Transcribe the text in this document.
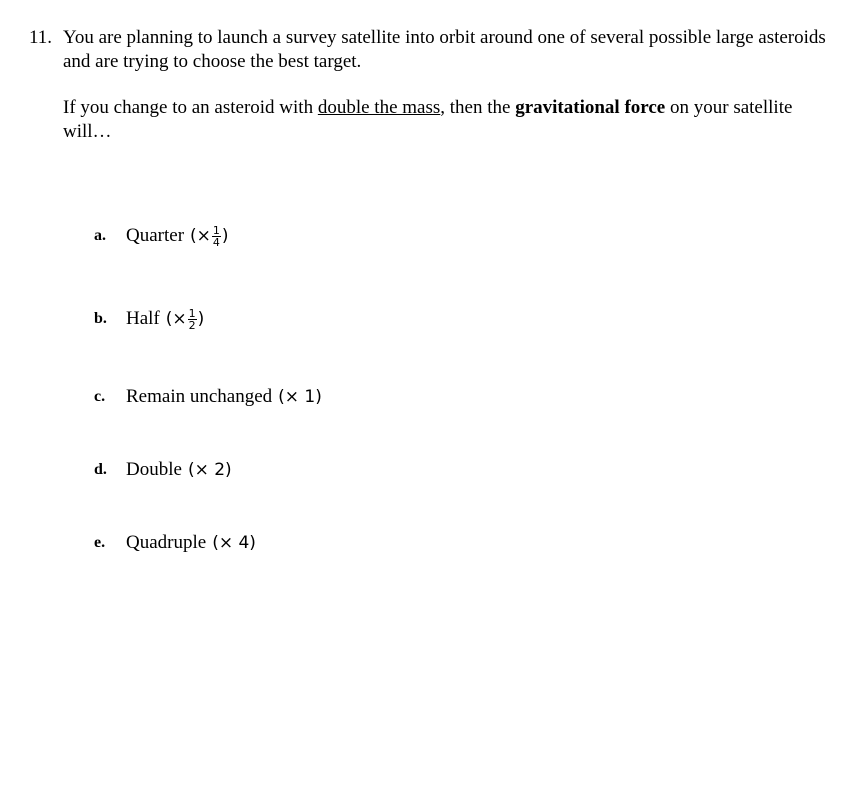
11. You are planning to launch a survey satellite into orbit around one of several possible large asteroids and are trying to choose the best target.
If you change to an asteroid with double the mass, then the gravitational force on your satellite will…
a.	Quarter (× $\frac{1}{4}$ )
b.	Half (× $\frac{1}{2}$ )
c.	Remain unchanged (× 1)
d.	Double (× 2)
e.	Quadruple (× 4)
